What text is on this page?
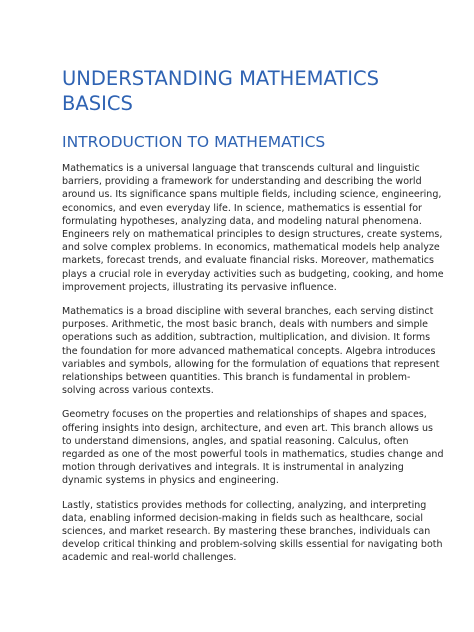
UNDERSTANDING MATHEMATICS BASICS
INTRODUCTION TO MATHEMATICS

Mathematics is a universal language that transcends cultural and linguistic barriers, providing a framework for understanding and describing the world around us. Its significance spans multiple fields, including science, engineering, economics, and even everyday life. In science, mathematics is essential for formulating hypotheses, analyzing data, and modeling natural phenomena. Engineers rely on mathematical principles to design structures, create systems, and solve complex problems. In economics, mathematical models help analyze markets, forecast trends, and evaluate financial risks. Moreover, mathematics plays a crucial role in everyday activities such as budgeting, cooking, and home improvement projects, illustrating its pervasive influence.

Mathematics is a broad discipline with several branches, each serving distinct purposes. Arithmetic, the most basic branch, deals with numbers and simple operations such as addition, subtraction, multiplication, and division. It forms the foundation for more advanced mathematical concepts. Algebra introduces variables and symbols, allowing for the formulation of equations that represent relationships between quantities. This branch is fundamental in problem-solving across various contexts.

Geometry focuses on the properties and relationships of shapes and spaces, offering insights into design, architecture, and even art. This branch allows us to understand dimensions, angles, and spatial reasoning. Calculus, often regarded as one of the most powerful tools in mathematics, studies change and motion through derivatives and integrals. It is instrumental in analyzing dynamic systems in physics and engineering.

Lastly, statistics provides methods for collecting, analyzing, and interpreting data, enabling informed decision-making in fields such as healthcare, social sciences, and market research. By mastering these branches, individuals can develop critical thinking and problem-solving skills essential for navigating both academic and real-world challenges.
